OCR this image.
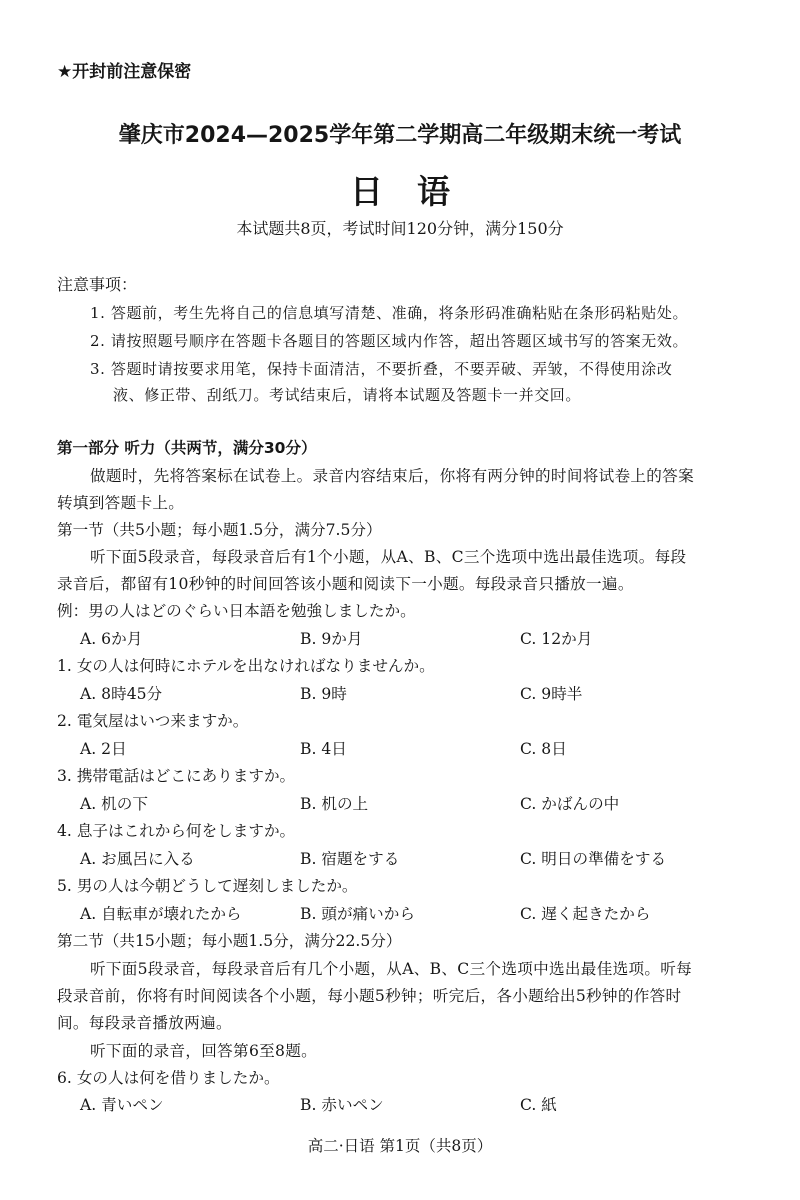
★开封前注意保密
肇庆市2024—2025学年第二学期高二年级期末统一考试
日语
本试题共8页，考试时间120分钟，满分150分
注意事项：
1. 答题前，考生先将自己的信息填写清楚、准确，将条形码准确粘贴在条形码粘贴处。
2. 请按照题号顺序在答题卡各题目的答题区域内作答，超出答题区域书写的答案无效。
3. 答题时请按要求用笔，保持卡面清洁，不要折叠，不要弄破、弄皱，不得使用涂改
液、修正带、刮纸刀。考试结束后，请将本试题及答题卡一并交回。
第一部分 听力（共两节，满分30分）
做题时，先将答案标在试卷上。录音内容结束后，你将有两分钟的时间将试卷上的答案
转填到答题卡上。
第一节（共5小题；每小题1.5分，满分7.5分）
听下面5段录音，每段录音后有1个小题，从A、B、C三个选项中选出最佳选项。每段
录音后，都留有10秒钟的时间回答该小题和阅读下一小题。每段录音只播放一遍。
例：男の人はどのぐらい日本語を勉強しましたか。
A. 6か月	B. 9か月	C. 12か月
1. 女の人は何時にホテルを出なければなりませんか。
A. 8時45分	B. 9時	C. 9時半
2. 電気屋はいつ来ますか。
A. 2日	B. 4日	C. 8日
3. 携帯電話はどこにありますか。
A. 机の下	B. 机の上	C. かばんの中
4. 息子はこれから何をしますか。
A. お風呂に入る	B. 宿題をする	C. 明日の準備をする
5. 男の人は今朝どうして遅刻しましたか。
A. 自転車が壊れたから	B. 頭が痛いから	C. 遅く起きたから
第二节（共15小题；每小题1.5分，满分22.5分）
听下面5段录音，每段录音后有几个小题，从A、B、C三个选项中选出最佳选项。听每
段录音前，你将有时间阅读各个小题，每小题5秒钟；听完后，各小题给出5秒钟的作答时
间。每段录音播放两遍。
听下面的录音，回答第6至8题。
6. 女の人は何を借りましたか。
A. 青いペン	B. 赤いペン	C. 紙
高二·日语 第1页（共8页）
